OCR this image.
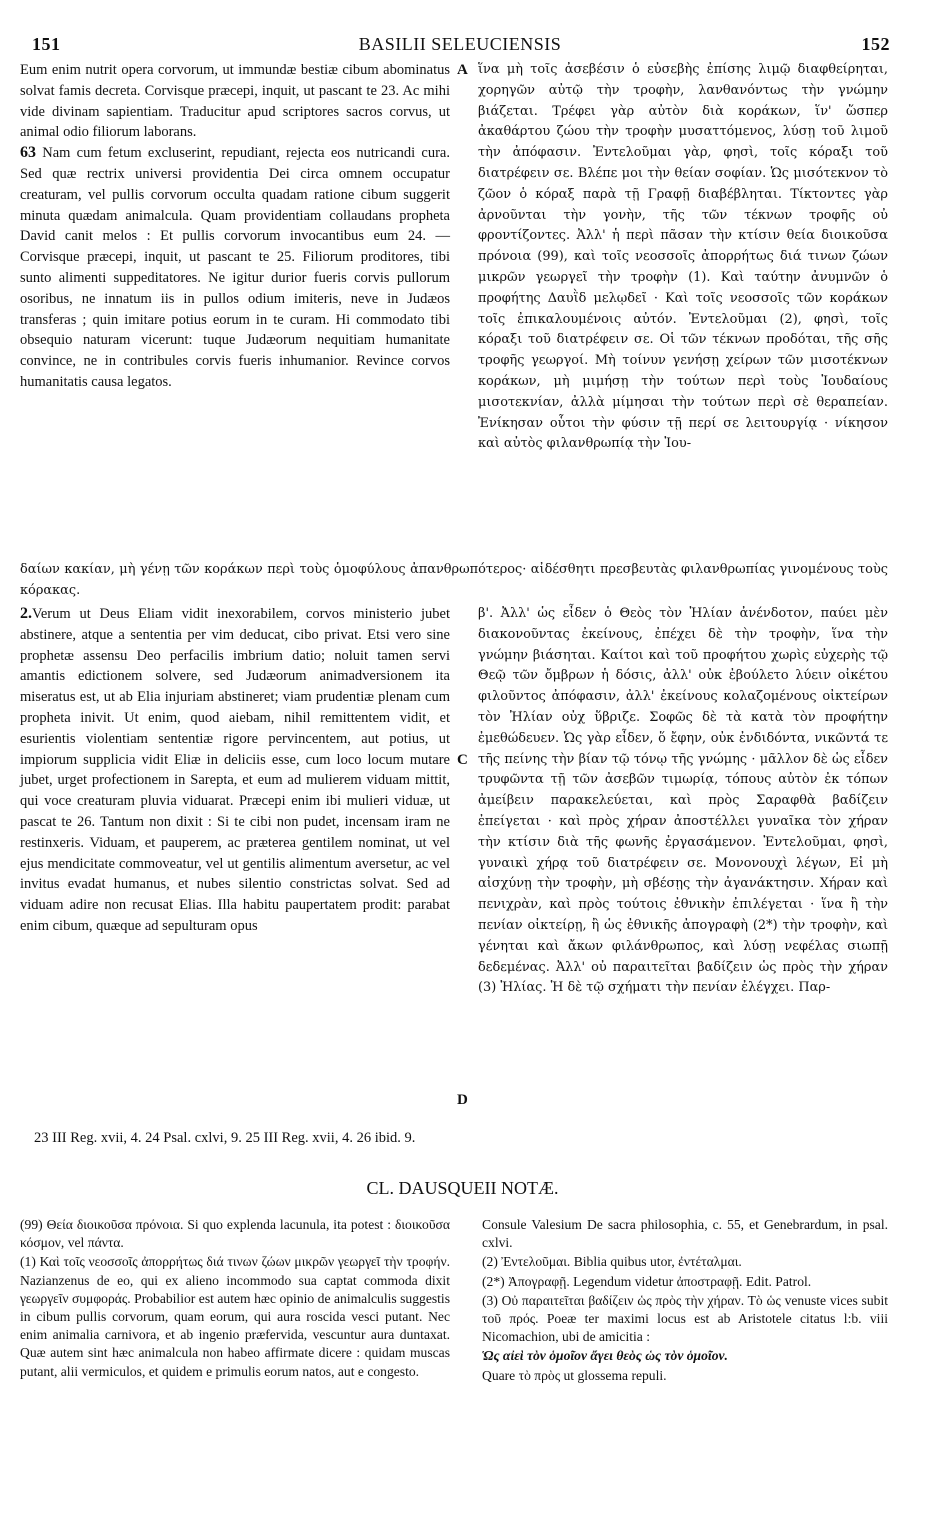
151	BASILII SELEUCIENSIS	152

Eum enim nutrit opera corvorum, ut immundæ bestiæ cibum abominatus solvat famis decreta. Corvisque præcepi, inquit, ut pascant te 23. Ac mihi vide divinam sapientiam. Traducitur apud scriptores sacros corvus, ut animal odio filiorum laborans.

63 Nam cum fetum excluserint, repudiant, rejecta eos nutricandi cura. Sed quæ rectrix universi providentia Dei circa omnem occupatur creaturam, vel pullis corvorum occulta quadam ratione cibum suggerit minuta quædam animalcula. Quam providentiam collaudans propheta David canit melos : Et pullis corvorum invocantibus eum 24. — Corvisque præcepi, inquit, ut pascant te 25. Filiorum proditores, tibi sunto alimenti suppeditatores. Ne igitur durior fueris corvis pullorum osoribus, ne innatum iis in pullos odium imiteris, neve in Judæos transferas ; quin imitare potius eorum in te curam. Hi commodato tibi obsequio naturam vicerunt: tuque Judæorum nequitiam humanitate convince, ne in contribules corvis fueris inhumanior. Revince corvos humanitatis causa legatos.

ἵνα μὴ τοῖς ἀσεβέσιν ὁ εὐσεβὴς ἐπίσης λιμῷ διαφθείρηται, χορηγῶν αὐτῷ τὴν τροφὴν, λανθανόντως τὴν γνώμην βιάζεται. Τρέφει γὰρ αὐτὸν διὰ κοράκων, ἵν' ὥσπερ ἀκαθάρτου ζώου τὴν τροφὴν μυσαττόμενος, λύσῃ τοῦ λιμοῦ τὴν ἀπόφασιν. Ἐντελοῦμαι γὰρ, φησὶ, τοῖς κόραξι τοῦ διατρέφειν σε. Βλέπε μοι τὴν θείαν σοφίαν. Ὡς μισότεκνον τὸ ζῶον ὁ κόραξ παρὰ τῇ Γραφῇ διαβέβληται. Τίκτοντες γὰρ ἀρνοῦνται τὴν γονὴν, τῆς τῶν τέκνων τροφῆς οὐ φροντίζοντες. Ἀλλ' ἡ περὶ πᾶσαν τὴν κτίσιν θεία διοικοῦσα πρόνοια (99), καὶ τοῖς νεοσσοῖς ἀπορρήτως διά τινων ζώων μικρῶν γεωργεῖ τὴν τροφὴν (1). Καὶ ταύτην ἀνυμνῶν ὁ προφήτης Δαυῒδ μελῳδεῖ · Καὶ τοῖς νεοσσοῖς τῶν κοράκων τοῖς ἐπικαλουμένοις αὐτόν. Ἐντελοῦμαι (2), φησὶ, τοῖς κόραξι τοῦ διατρέφειν σε. Οἱ τῶν τέκνων προδόται, τῆς σῆς τροφῆς γεωργοί. Μὴ τοίνυν γενήσῃ χείρων τῶν μισοτέκνων κοράκων, μὴ μιμήσῃ τὴν τούτων περὶ τοὺς Ἰουδαίους μισοτεκνίαν, ἀλλὰ μίμησαι τὴν τούτων περὶ σὲ θεραπείαν. Ἐνίκησαν οὗτοι τὴν φύσιν τῇ περί σε λειτουργίᾳ · νίκησον καὶ αὐτὸς φιλανθρωπίᾳ τὴν Ἰου-

A
δαίων κακίαν, μὴ γένῃ τῶν κοράκων περὶ τοὺς ὁμοφύλους ἀπανθρωπότερος· αἰδέσθητι πρεσβευτὰς φιλανθρωπίας γινομένους τοὺς κόρακας.

2.Verum ut Deus Eliam vidit inexorabilem, corvos ministerio jubet abstinere, atque a sententia per vim deducat, cibo privat. Etsi vero sine prophetæ assensu Deo perfacilis imbrium datio; noluit tamen servi amantis edictionem solvere, sed Judæorum animadversionem ita miseratus est, ut ab Elia injuriam abstineret; viam prudentiæ plenam cum propheta inivit. Ut enim, quod aiebam, nihil remittentem vidit, et esurientis violentiam sententiæ rigore pervincentem, aut potius, ut impiorum supplicia vidit Eliæ in deliciis esse, cum loco locum mutare jubet, urget profectionem in Sarepta, et eum ad mulierem viduam mittit, qui voce creaturam pluvia viduarat. Præcepi enim ibi mulieri viduæ, ut pascat te 26. Tantum non dixit : Si te cibi non pudet, incensam iram ne restinxeris. Viduam, et pauperem, ac præterea gentilem nominat, ut vel ejus mendicitate commoveatur, vel ut gentilis alimentum aversetur, ac vel invitus evadat humanus, et nubes silentio constrictas solvat. Sed ad viduam adire non recusat Elias. Illa habitu paupertatem prodit: parabat enim cibum, quæque ad sepulturam opus

β'. Ἀλλ' ὡς εἶδεν ὁ Θεὸς τὸν Ἠλίαν ἀνένδοτον, παύει μὲν διακονοῦντας ἐκείνους, ἐπέχει δὲ τὴν τροφὴν, ἵνα τὴν γνώμην βιάσηται. Καίτοι καὶ τοῦ προφήτου χωρὶς εὐχερὴς τῷ Θεῷ τῶν ὄμβρων ἡ δόσις, ἀλλ' οὐκ ἐβούλετο λύειν οἰκέτου φιλοῦντος ἀπόφασιν, ἀλλ' ἐκείνους κολαζομένους οἰκτείρων τὸν Ἠλίαν οὐχ ὕβριζε. Σοφῶς δὲ τὰ κατὰ τὸν προφήτην ἐμεθώδευεν. Ὡς γὰρ εἶδεν, ὅ ἔφην, οὐκ ἐνδιδόντα, νικῶντά τε τῆς πείνης τὴν βίαν τῷ τόνῳ τῆς γνώμης · μᾶλλον δὲ ὡς εἶδεν τρυφῶντα τῇ τῶν ἀσεβῶν τιμωρίᾳ, τόπους αὐτὸν ἐκ τόπων ἀμείβειν παρακελεύεται, καὶ πρὸς Σαραφθὰ βαδίζειν ἐπείγεται · καὶ πρὸς χήραν ἀποστέλλει γυναῖκα τὸν χήραν τὴν κτίσιν διὰ τῆς φωνῆς ἐργασάμενον. Ἐντελοῦμαι, φησὶ, γυναικὶ χήρᾳ τοῦ διατρέφειν σε. Μονονουχὶ λέγων, Εἰ μὴ αἰσχύνῃ τὴν τροφὴν, μὴ σβέσῃς τὴν ἀγανάκτησιν. Χήραν καὶ πενιχρὰν, καὶ πρὸς τούτοις ἐθνικὴν ἐπιλέγεται · ἵνα ἢ τὴν πενίαν οἰκτείρῃ, ἢ ὡς ἐθνικῆς ἀπογραφὴ (2*) τὴν τροφὴν, καὶ γένηται καὶ ἄκων φιλάνθρωπος, καὶ λύσῃ νεφέλας σιωπῇ δεδεμένας. Ἀλλ' οὐ παραιτεῖται βαδίζειν ὡς πρὸς τὴν χήραν (3) Ἠλίας. Ἡ δὲ τῷ σχήματι τὴν πενίαν ἐλέγχει. Παρ-

C
D
23 III Reg. xvii, 4. 24 Psal. cxlvi, 9. 25 III Reg. xvii, 4. 26 ibid. 9.
CL. DAUSQUEII NOTÆ.

(99) Θεία διοικοῦσα πρόνοια. Si quo explenda lacunula, ita potest : διοικοῦσα κόσμον, vel πάντα.

(1) Καὶ τοῖς νεοσσοῖς ἀπορρήτως διά τινων ζώων μικρῶν γεωργεῖ τὴν τροφήν. Nazianzenus de eo, qui ex alieno incommodo sua captat commoda dixit γεωργεῖν συμφοράς. Probabilior est autem hæc opinio de animalculis suggestis in cibum pullis corvorum, quam eorum, qui aura roscida vesci putant. Nec enim animalia carnivora, et ab ingenio præfervida, vescuntur aura duntaxat. Quæ autem sint hæc animalcula non habeo affirmate dicere : quidam muscas putant, alii vermiculos, et quidem e primulis eorum natos, aut e congesto.

Consule Valesium De sacra philosophia, c. 55, et Genebrardum, in psal. cxlvi.

(2) Ἐντελοῦμαι. Biblia quibus utor, ἐντέταλμαι.

(2*) Ἀπογραφῇ. Legendum videtur ἀποστραφῇ. Edit. Patrol.

(3) Οὐ παραιτεῖται βαδίζειν ὡς πρὸς τὴν χήραν. Τὸ ὡς venuste vices subit τοῦ πρός. Poeæ ter maximi locus est ab Aristotele citatus l:b. viii Nicomachion, ubi de amicitia :

Ὡς αἰεὶ τὸν ὁμοῖον ἄγει θεὸς ὡς τὸν ὁμοῖον.

Quare τὸ πρὸς ut glossema repuli.
